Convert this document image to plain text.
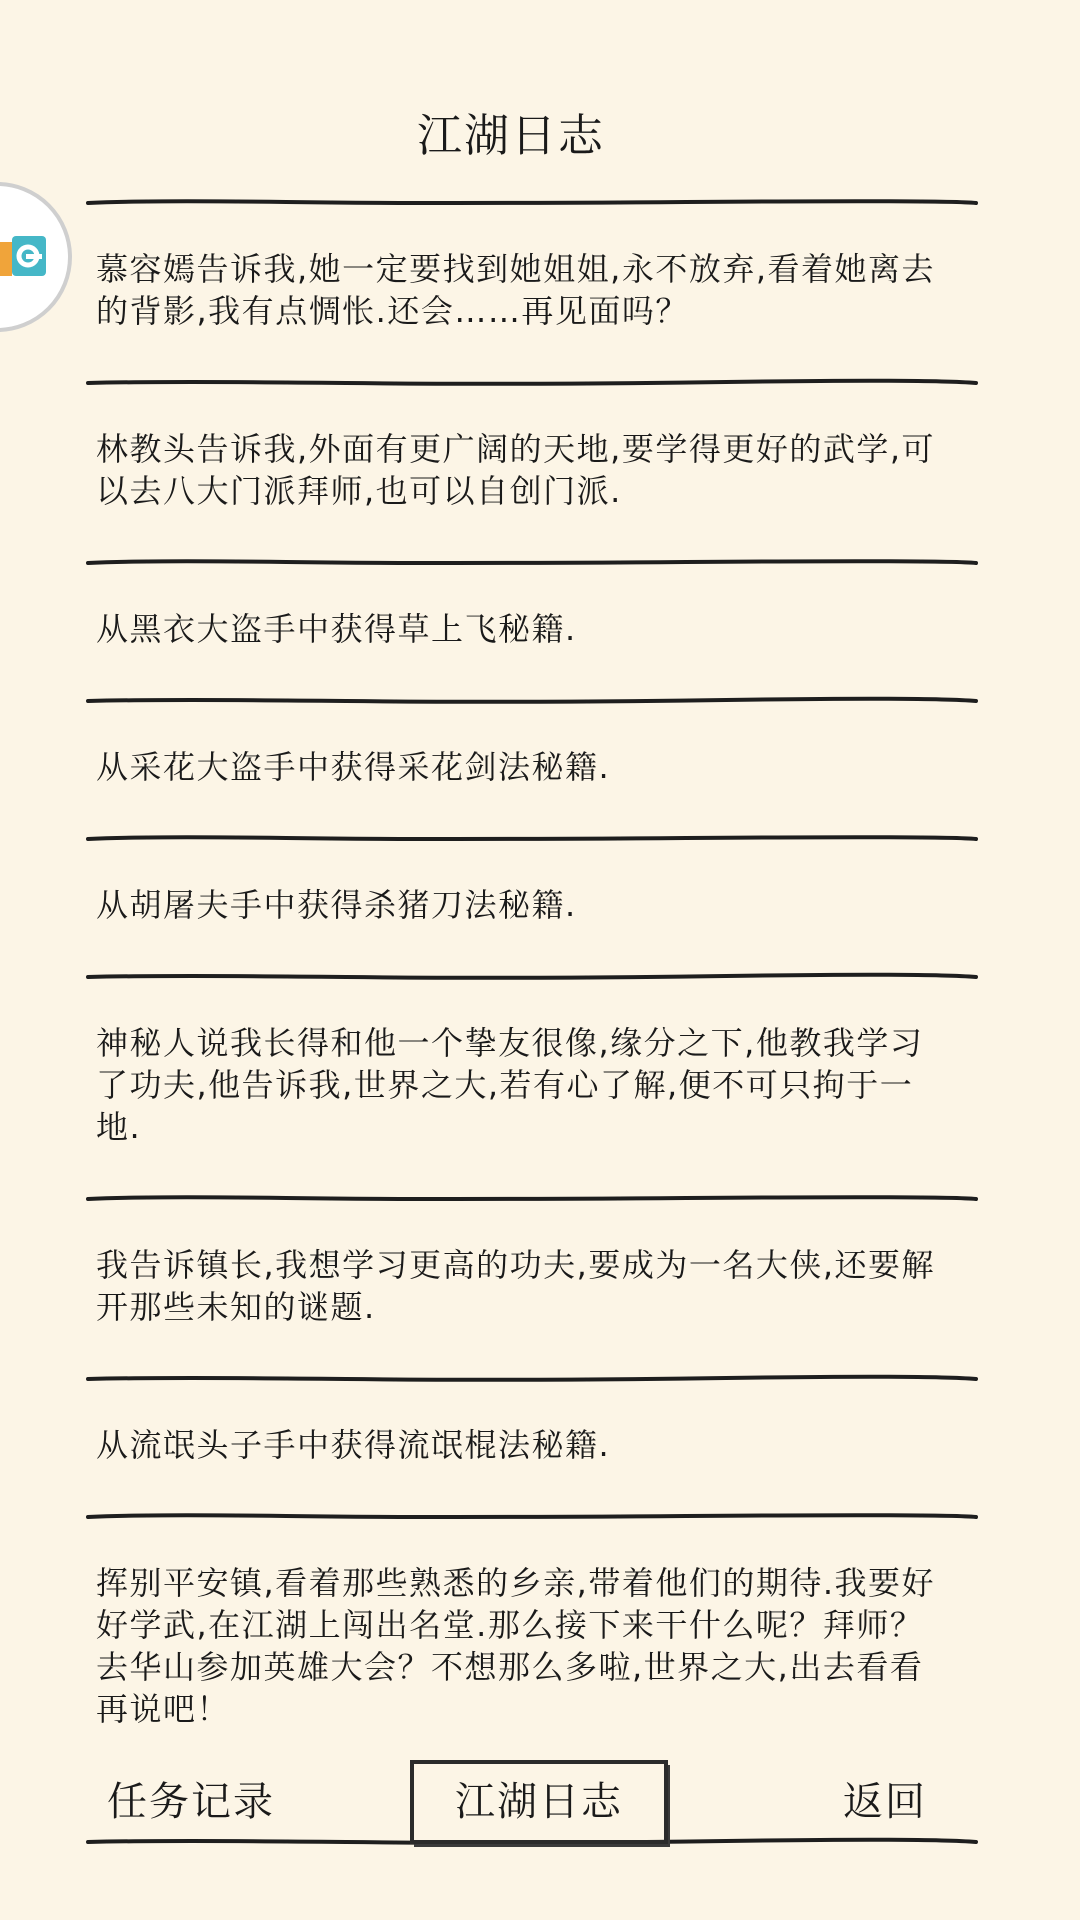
江湖日志
慕容嫣告诉我,她一定要找到她姐姐,永不放弃,看着她离去的背影,我有点惆怅.还会……再见面吗？
林教头告诉我,外面有更广阔的天地,要学得更好的武学,可以去八大门派拜师,也可以自创门派.
从黑衣大盗手中获得草上飞秘籍.
从采花大盗手中获得采花剑法秘籍.
从胡屠夫手中获得杀猪刀法秘籍.
神秘人说我长得和他一个挚友很像,缘分之下,他教我学习了功夫,他告诉我,世界之大,若有心了解,便不可只拘于一地.
我告诉镇长,我想学习更高的功夫,要成为一名大侠,还要解开那些未知的谜题.
从流氓头子手中获得流氓棍法秘籍.
挥别平安镇,看着那些熟悉的乡亲,带着他们的期待.我要好好学武,在江湖上闯出名堂.那么接下来干什么呢？拜师？去华山参加英雄大会？不想那么多啦,世界之大,出去看看再说吧！
任务记录	江湖日志	返回
